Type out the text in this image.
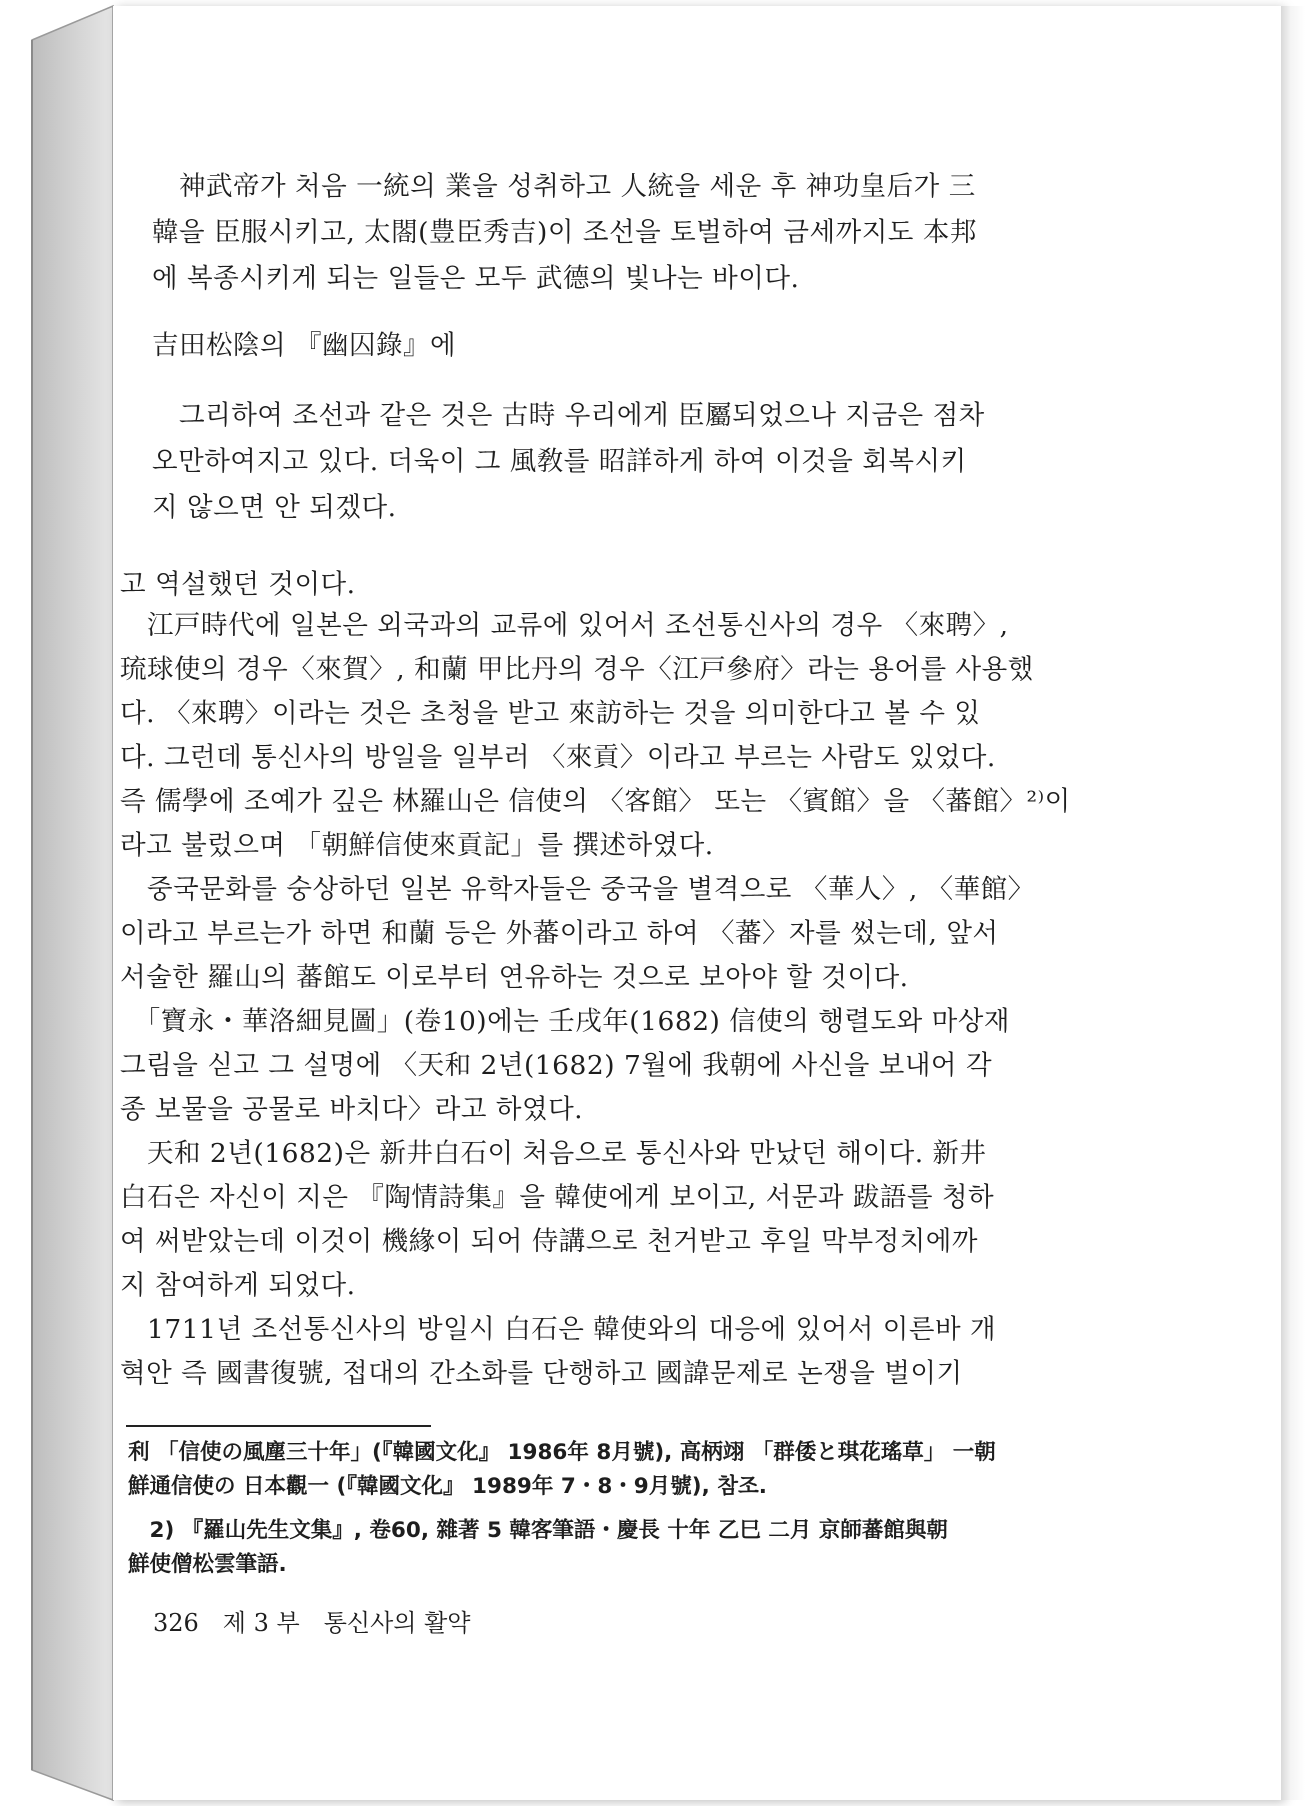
　神武帝가 처음 一統의 業을 성취하고 人統을 세운 후 神功皇后가 三
韓을 臣服시키고, 太閤(豊臣秀吉)이 조선을 토벌하여 금세까지도 本邦
에 복종시키게 되는 일들은 모두 武德의 빛나는 바이다.
吉田松陰의 『幽囚錄』에
　그리하여 조선과 같은 것은 古時 우리에게 臣屬되었으나 지금은 점차
오만하여지고 있다. 더욱이 그 風敎를 昭詳하게 하여 이것을 회복시키
지 않으면 안 되겠다.
고 역설했던 것이다.
　江戸時代에 일본은 외국과의 교류에 있어서 조선통신사의 경우 〈來聘〉,
琉球使의 경우〈來賀〉, 和蘭 甲比丹의 경우〈江戸參府〉라는 용어를 사용했
다. 〈來聘〉이라는 것은 초청을 받고 來訪하는 것을 의미한다고 볼 수 있
다. 그런데 통신사의 방일을 일부러 〈來貢〉이라고 부르는 사람도 있었다.
즉 儒學에 조예가 깊은 林羅山은 信使의 〈客館〉 또는 〈賓館〉을 〈蕃館〉²⁾이
라고 불렀으며 「朝鮮信使來貢記」를 撰述하였다.
　중국문화를 숭상하던 일본 유학자들은 중국을 별격으로 〈華人〉, 〈華館〉
이라고 부르는가 하면 和蘭 등은 外蕃이라고 하여 〈蕃〉자를 썼는데, 앞서
서술한 羅山의 蕃館도 이로부터 연유하는 것으로 보아야 할 것이다.
　「寶永・華洛細見圖」(卷10)에는 壬戌年(1682) 信使의 행렬도와 마상재
그림을 싣고 그 설명에 〈天和 2년(1682) 7월에 我朝에 사신을 보내어 각
종 보물을 공물로 바치다〉라고 하였다.
　天和 2년(1682)은 新井白石이 처음으로 통신사와 만났던 해이다. 新井
白石은 자신이 지은 『陶情詩集』을 韓使에게 보이고, 서문과 跋語를 청하
여 써받았는데 이것이 機緣이 되어 侍講으로 천거받고 후일 막부정치에까
지 참여하게 되었다.
　1711년 조선통신사의 방일시 白石은 韓使와의 대응에 있어서 이른바 개
혁안 즉 國書復號, 접대의 간소화를 단행하고 國諱문제로 논쟁을 벌이기
利 「信使の風塵三十年」(『韓國文化』 1986年 8月號), 高柄翊 「群倭と琪花瑤草」 一朝
鮮通信使の 日本觀一 (『韓國文化』 1989年 7・8・9月號), 참조.
　2) 『羅山先生文集』, 卷60, 雜著 5 韓客筆語・慶長 十年 乙巳 二月 京師蕃館與朝
鮮使僧松雲筆語.
326　제 3 부　통신사의 활약
